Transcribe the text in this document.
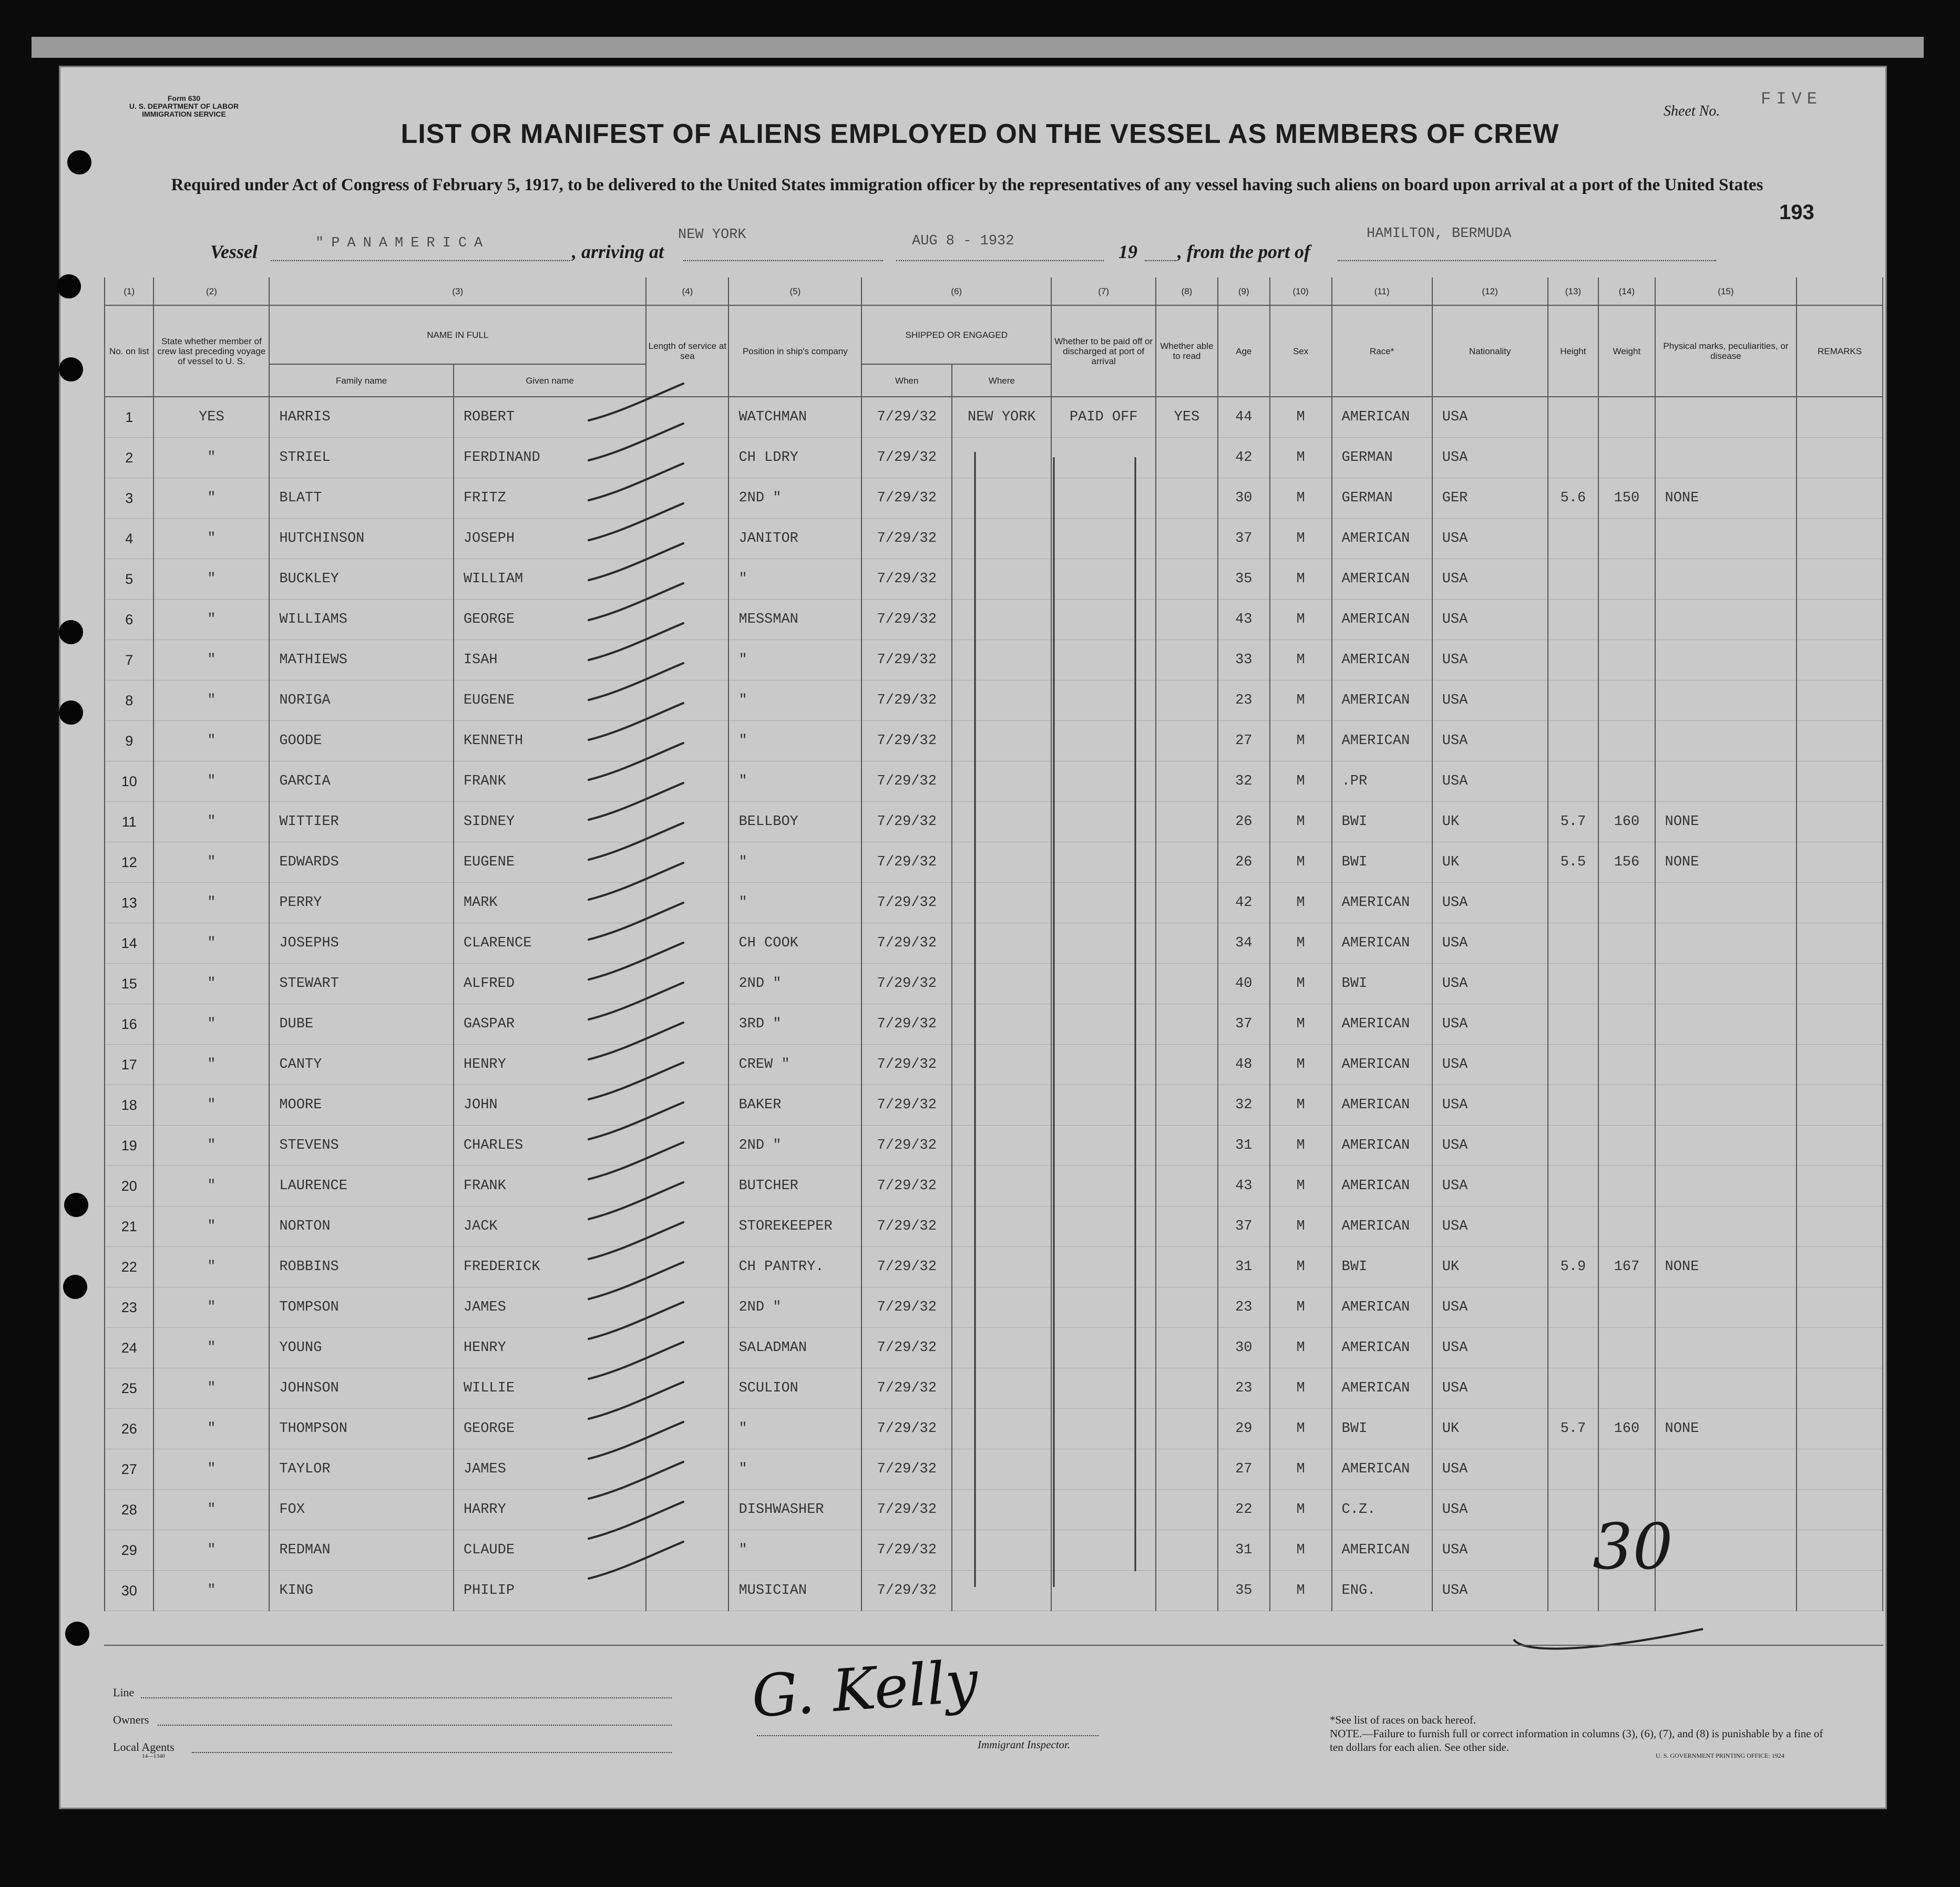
Form 630
U. S. DEPARTMENT OF LABOR
IMMIGRATION SERVICE	Sheet No.
FIVE
LIST OR MANIFEST OF ALIENS EMPLOYED ON THE VESSEL AS MEMBERS OF CREW
Required under Act of Congress of February 5, 1917, to be delivered to the United States immigration officer by the representatives of any vessel having such aliens on board upon arrival at a port of the United States
193
Vessel	"PANAMERICA	, arriving at
NEW YORK	AUG 8 - 1932	19 , from the port of
HAMILTON, BERMUDA
(1)	(2)	(3)		(4)	(5)	(6)		(7)	(8)	(9)	(10)	(11)	(12)	(13)	(14)	(15)	
No. on list	State whether member of crew last preceding voyage of vessel to U. S.	NAME IN FULL		Length of service at sea	Position in ship's company	SHIPPED OR ENGAGED		Whether to be paid off or discharged at port of arrival	Whether able to read	Age	Sex	Race*	Nationality	Height	Weight	Physical marks, peculiarities, or disease	REMARKS
		Family name	Given name			When	Where										
1	YES	HARRIS	ROBERT		WATCHMAN	7/29/32	NEW YORK	PAID OFF	YES	44	M	AMERICAN	USA				
2	"	STRIEL	FERDINAND		CH LDRY	7/29/32				42	M	GERMAN	USA				
3	"	BLATT	FRITZ		2ND "	7/29/32				30	M	GERMAN	GER	5.6	150	NONE	
4	"	HUTCHINSON	JOSEPH		JANITOR	7/29/32				37	M	AMERICAN	USA				
5	"	BUCKLEY	WILLIAM		"	7/29/32				35	M	AMERICAN	USA				
6	"	WILLIAMS	GEORGE		MESSMAN	7/29/32				43	M	AMERICAN	USA				
7	"	MATHIEWS	ISAH		"	7/29/32				33	M	AMERICAN	USA				
8	"	NORIGA	EUGENE		"	7/29/32				23	M	AMERICAN	USA				
9	"	GOODE	KENNETH		"	7/29/32				27	M	AMERICAN	USA				
10	"	GARCIA	FRANK		"	7/29/32				32	M	.PR	USA				
11	"	WITTIER	SIDNEY		BELLBOY	7/29/32				26	M	BWI	UK	5.7	160	NONE	
12	"	EDWARDS	EUGENE		"	7/29/32				26	M	BWI	UK	5.5	156	NONE	
13	"	PERRY	MARK		"	7/29/32				42	M	AMERICAN	USA				
14	"	JOSEPHS	CLARENCE		CH COOK	7/29/32				34	M	AMERICAN	USA				
15	"	STEWART	ALFRED		2ND "	7/29/32				40	M	BWI	USA				
16	"	DUBE	GASPAR		3RD "	7/29/32				37	M	AMERICAN	USA				
17	"	CANTY	HENRY		CREW "	7/29/32				48	M	AMERICAN	USA				
18	"	MOORE	JOHN		BAKER	7/29/32				32	M	AMERICAN	USA				
19	"	STEVENS	CHARLES		2ND "	7/29/32				31	M	AMERICAN	USA				
20	"	LAURENCE	FRANK		BUTCHER	7/29/32				43	M	AMERICAN	USA				
21	"	NORTON	JACK		STOREKEEPER	7/29/32				37	M	AMERICAN	USA				
22	"	ROBBINS	FREDERICK		CH PANTRY.	7/29/32				31	M	BWI	UK	5.9	167	NONE	
23	"	TOMPSON	JAMES		2ND "	7/29/32				23	M	AMERICAN	USA				
24	"	YOUNG	HENRY		SALADMAN	7/29/32				30	M	AMERICAN	USA				
25	"	JOHNSON	WILLIE		SCULION	7/29/32				23	M	AMERICAN	USA				
26	"	THOMPSON	GEORGE		"	7/29/32				29	M	BWI	UK	5.7	160	NONE	
27	"	TAYLOR	JAMES		"	7/29/32				27	M	AMERICAN	USA				
28	"	FOX	HARRY		DISHWASHER	7/29/32				22	M	C.Z.	USA				
29	"	REDMAN	CLAUDE		"	7/29/32				31	M	AMERICAN	USA				
30	"	KING	PHILIP		MUSICIAN	7/29/32				35	M	ENG.	USA				
30
Line
Owners
Local Agents
14—1340
G. Kelly
Immigrant Inspector.
*See list of races on back hereof.
NOTE.—Failure to furnish full or correct information in columns (3), (6), (7), and (8) is punishable by a fine of ten dollars for each alien. See other side.
U. S. GOVERNMENT PRINTING OFFICE: 1924
